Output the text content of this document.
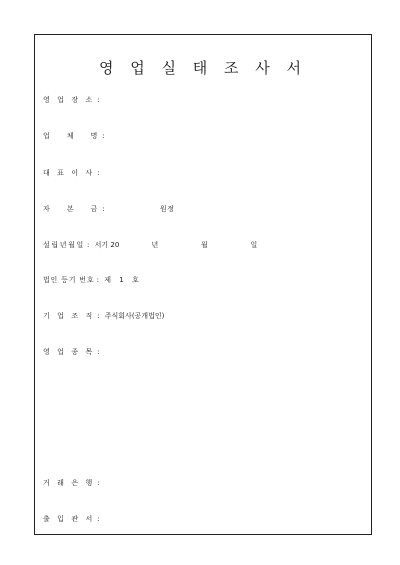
영 업 실 태 조 사 서
영 업 장 소 :
업   체   명 :
대 표 이 사 :
자   본   금 :	원정
설립년월일 : 서기 20	년	월	일
법인 등기 번호 : 제 1 호
기 업 조 직 : 주식회사(공개법인)
영 업 종 목 :
거 래 은 행 :
출 입 관 서 :
